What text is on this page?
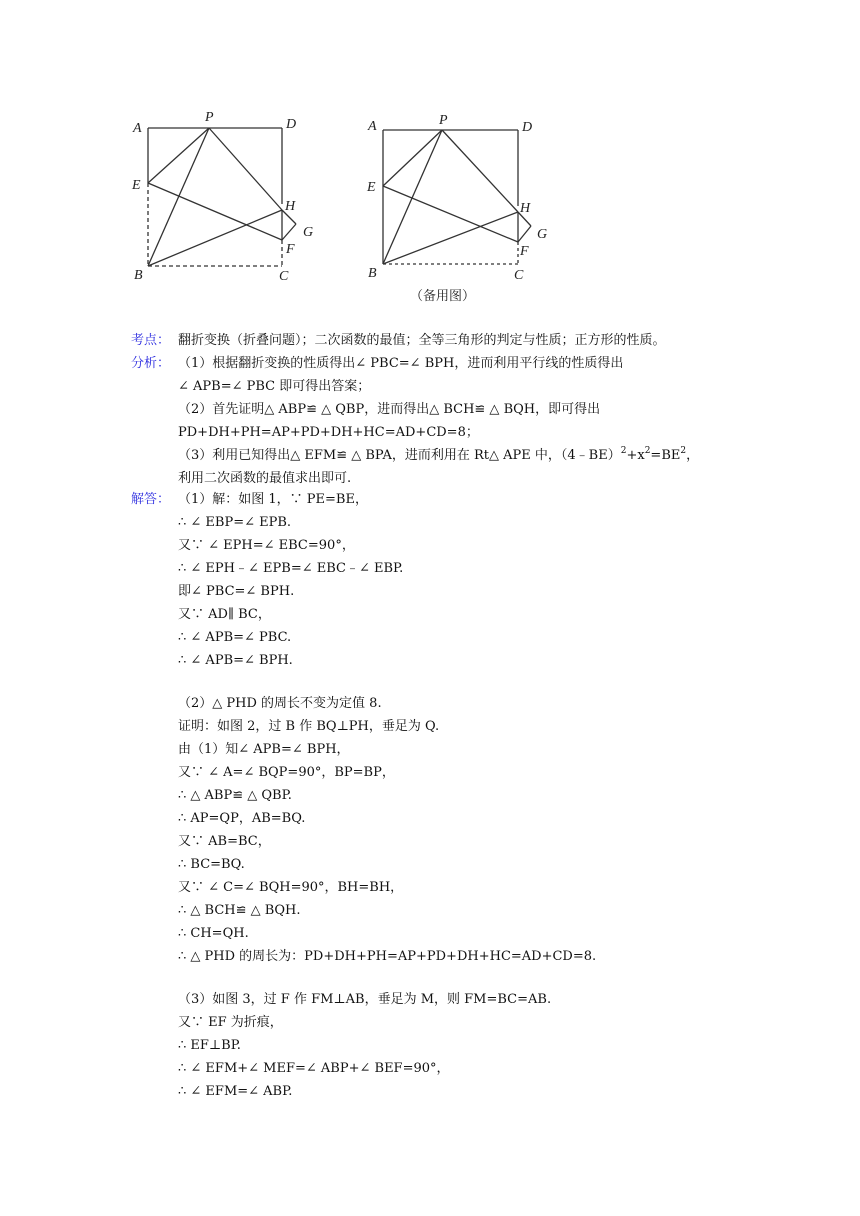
A
P	D
E
H
G
F
B	C
A	P	D
E
H
G
F
B	C
（备用图）
考点： 翻折变换（折叠问题）；二次函数的最值；全等三角形的判定与性质；正方形的性质。
分析： （1）根据翻折变换的性质得出∠ PBC=∠ BPH，进而利用平行线的性质得出
∠ APB=∠ PBC 即可得出答案；
（2）首先证明△ ABP≌ △ QBP，进而得出△ BCH≌ △ BQH，即可得出
PD+DH+PH=AP+PD+DH+HC=AD+CD=8；
（3）利用已知得出△ EFM≌ △ BPA，进而利用在 Rt△ APE 中，$(4﹣BE)^2+x^2=BE^2$，
利用二次函数的最值求出即可.
解答： （1）解：如图 1，∵ PE=BE，
∴ ∠ EBP=∠ EPB.
又∵ ∠ EPH=∠ EBC=90°，
∴ ∠ EPH﹣∠ EPB=∠ EBC﹣∠ EBP.
即∠ PBC=∠ BPH.
又∵ AD∥ BC，
∴ ∠ APB=∠ PBC.
∴ ∠ APB=∠ BPH.
（2）△ PHD 的周长不变为定值 8.
证明：如图 2，过 B 作 BQ⊥PH，垂足为 Q.
由（1）知∠ APB=∠ BPH，
又∵ ∠ A=∠ BQP=90°，BP=BP，
∴ △ ABP≌ △ QBP.
∴ AP=QP，AB=BQ.
又∵ AB=BC，
∴ BC=BQ.
又∵ ∠ C=∠ BQH=90°，BH=BH，
∴ △ BCH≌ △ BQH.
∴ CH=QH.
∴ △ PHD 的周长为：PD+DH+PH=AP+PD+DH+HC=AD+CD=8.
（3）如图 3，过 F 作 FM⊥AB，垂足为 M，则 FM=BC=AB.
又∵ EF 为折痕，
∴ EF⊥BP.
∴ ∠ EFM+∠ MEF=∠ ABP+∠ BEF=90°，
∴ ∠ EFM=∠ ABP.
